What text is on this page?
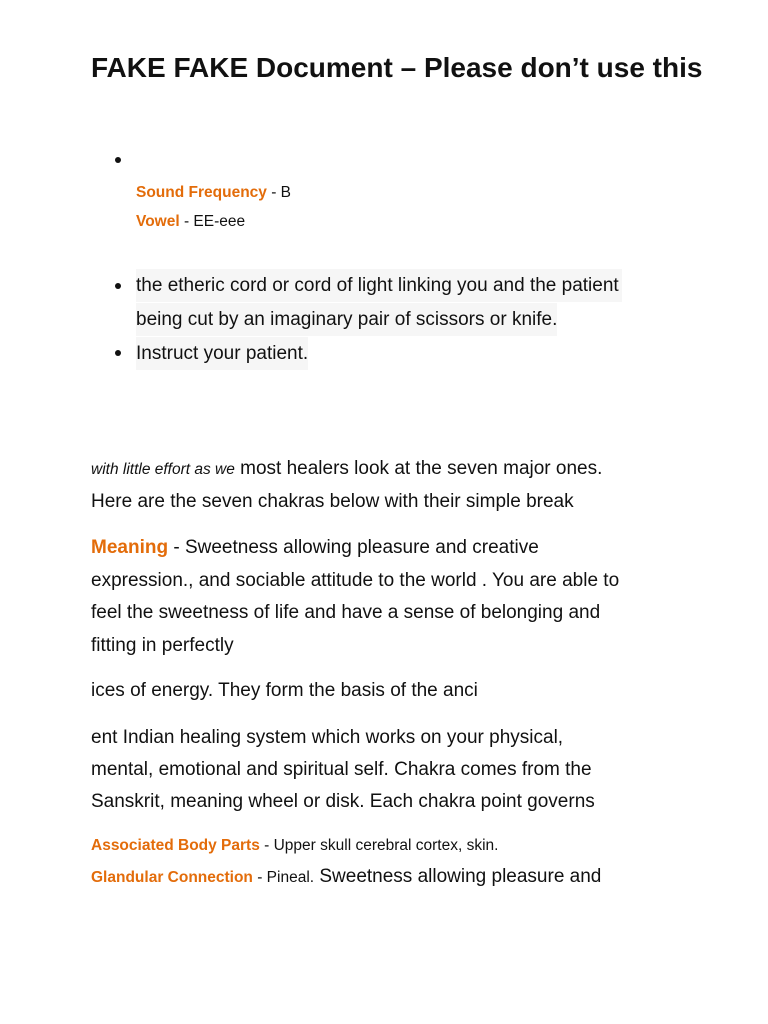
FAKE FAKE Document – Please don’t use this
Sound Frequency - B
Vowel - EE-eee
the etheric cord or cord of light linking you and the patient
being cut by an imaginary pair of scissors or knife.
Instruct your patient.
with little effort as we most healers look at the seven major ones.
Here are the seven chakras below with their simple break
Meaning - Sweetness allowing pleasure and creative
expression., and sociable attitude to the world . You are able to
feel the sweetness of life and have a sense of belonging and
fitting in perfectly
ices of energy. They form the basis of the anci
ent Indian healing system which works on your physical,
mental, emotional and spiritual self. Chakra comes from the
Sanskrit, meaning wheel or disk. Each chakra point governs
Associated Body Parts - Upper skull cerebral cortex, skin.
Glandular Connection - Pineal. Sweetness allowing pleasure and
